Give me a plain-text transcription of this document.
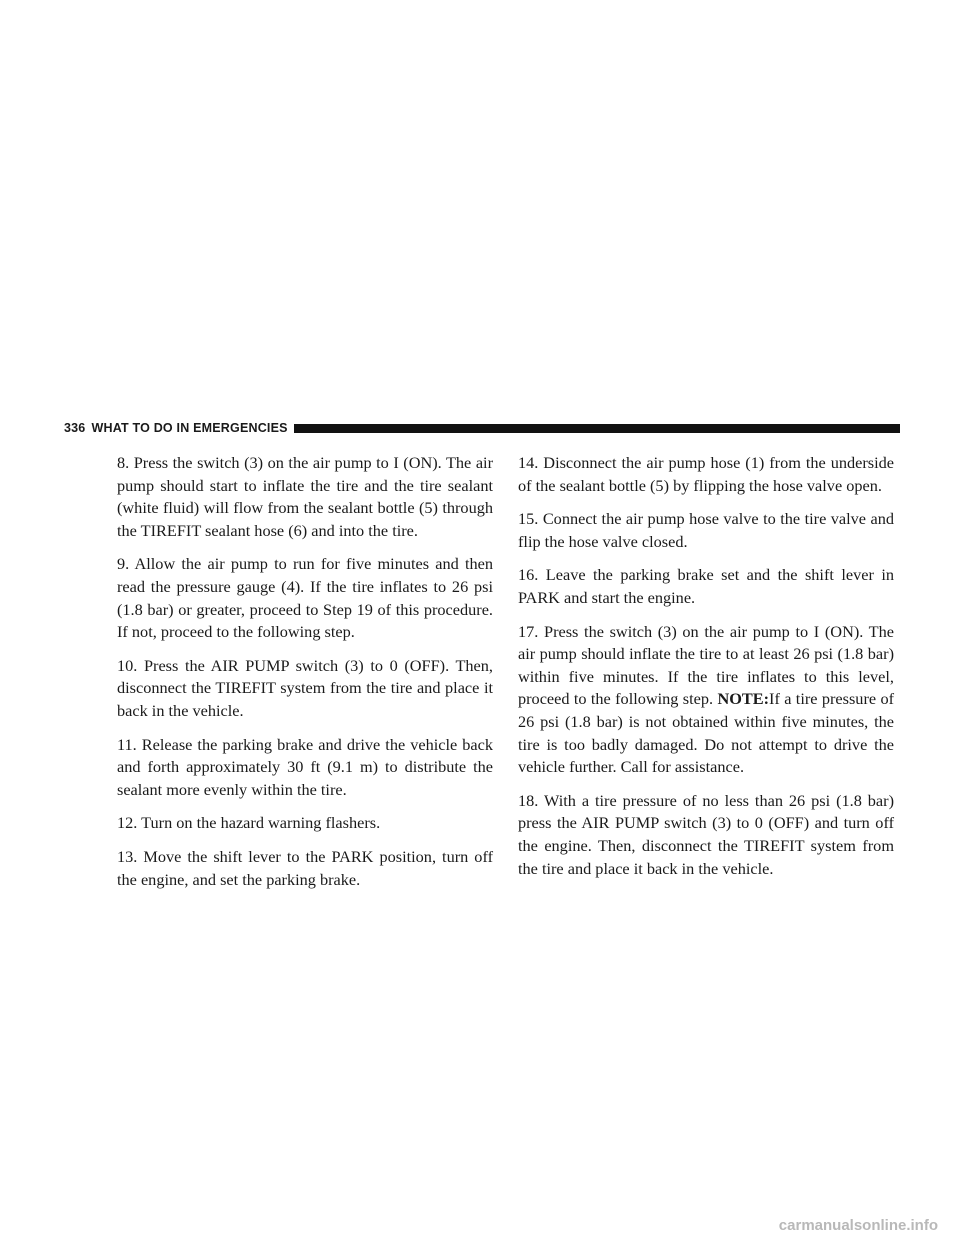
336 WHAT TO DO IN EMERGENCIES

8. Press the switch (3) on the air pump to I (ON). The air pump should start to inflate the tire and the tire sealant (white fluid) will flow from the sealant bottle (5) through the TIREFIT sealant hose (6) and into the tire.

9. Allow the air pump to run for five minutes and then read the pressure gauge (4). If the tire inflates to 26 psi (1.8 bar) or greater, proceed to Step 19 of this procedure. If not, proceed to the following step.

10. Press the AIR PUMP switch (3) to 0 (OFF). Then, disconnect the TIREFIT system from the tire and place it back in the vehicle.

11. Release the parking brake and drive the vehicle back and forth approximately 30 ft (9.1 m) to distribute the sealant more evenly within the tire.

12. Turn on the hazard warning flashers.

13. Move the shift lever to the PARK position, turn off the engine, and set the parking brake.

14. Disconnect the air pump hose (1) from the underside of the sealant bottle (5) by flipping the hose valve open.

15. Connect the air pump hose valve to the tire valve and flip the hose valve closed.

16. Leave the parking brake set and the shift lever in PARK and start the engine.

17. Press the switch (3) on the air pump to I (ON). The air pump should inflate the tire to at least 26 psi (1.8 bar) within five minutes. If the tire inflates to this level, proceed to the following step. NOTE:If a tire pressure of 26 psi (1.8 bar) is not obtained within five minutes, the tire is too badly damaged. Do not attempt to drive the vehicle further. Call for assistance.

18. With a tire pressure of no less than 26 psi (1.8 bar) press the AIR PUMP switch (3) to 0 (OFF) and turn off the engine. Then, disconnect the TIREFIT system from the tire and place it back in the vehicle.

carmanualsonline.info
